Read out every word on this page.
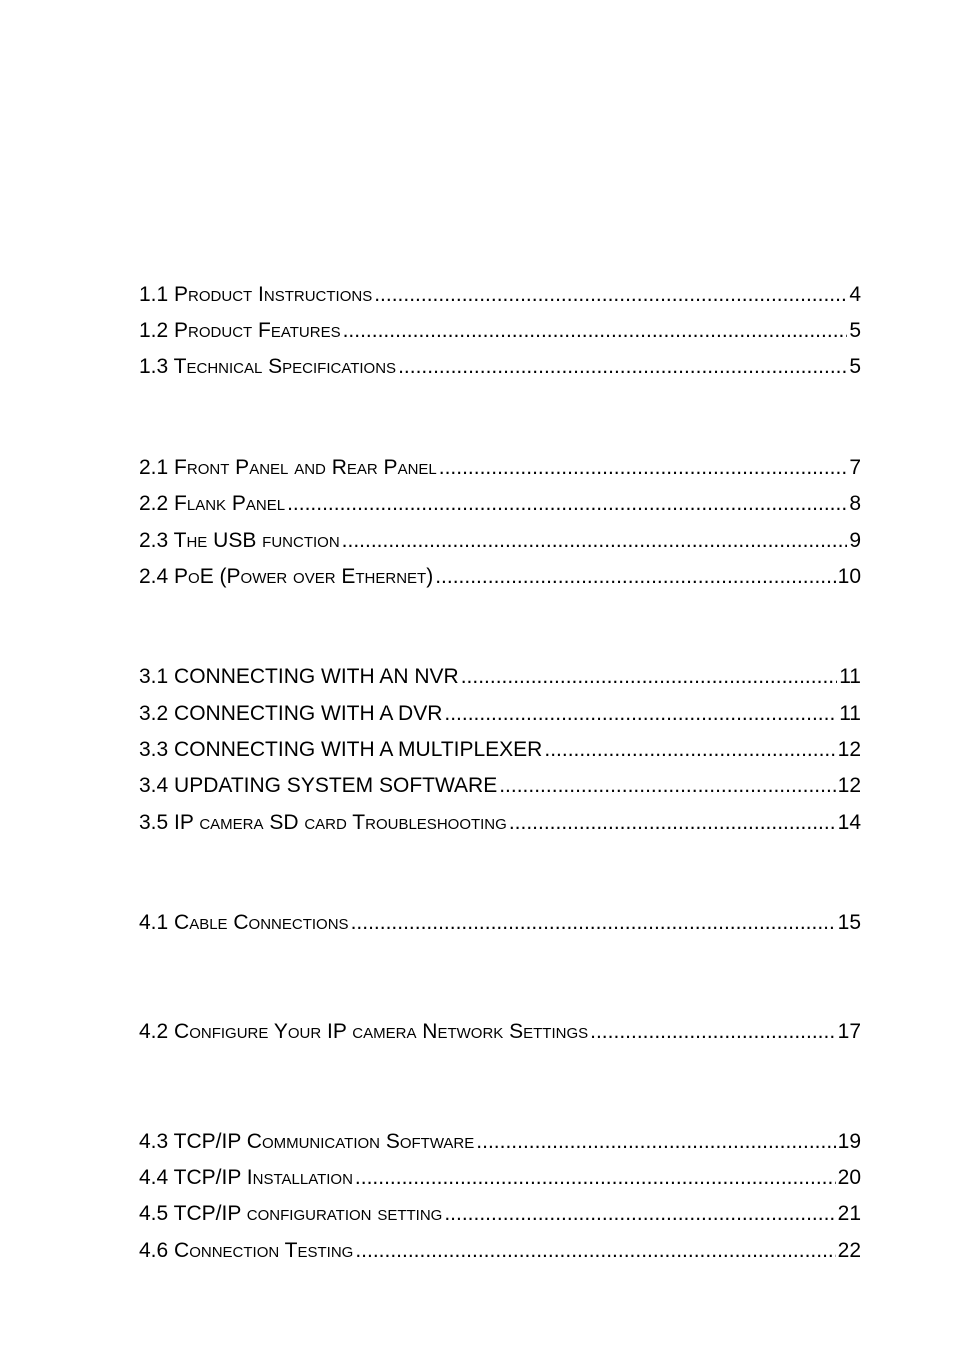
1.1 Product Instructions .....	4
1.2 Product Features .....	5
1.3 Technical Specifications .....	5
2.1 Front Panel and Rear Panel .....	7
2.2 Flank Panel .....	8
2.3 The USB function .....	9
2.4 PoE (Power over Ethernet) .....	10
3.1 CONNECTING WITH AN NVR .....	11
3.2 CONNECTING WITH A DVR .....	11
3.3 CONNECTING WITH A MULTIPLEXER .....	12
3.4 UPDATING SYSTEM SOFTWARE .....	12
3.5 IP camera SD card Troubleshooting .....	14
4.1 Cable Connections .....	15
4.2 Configure Your IP camera Network Settings .....	17
4.3 TCP/IP Communication Software .....	19
4.4 TCP/IP Installation .....	20
4.5 TCP/IP configuration setting .....	21
4.6 Connection Testing .....	22
